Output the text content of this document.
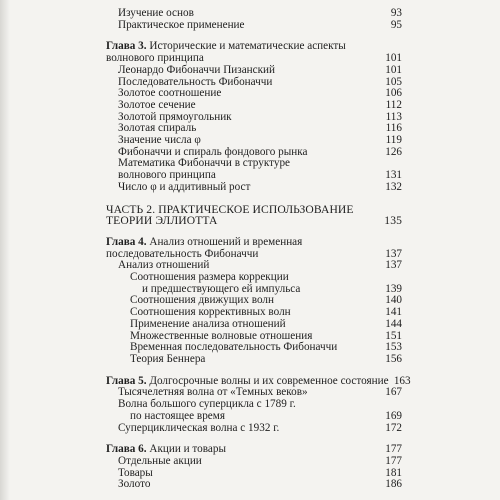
Изучение основ	93
Практическое применение	95
Глава 3. Исторические и математические аспекты
волнового принципа	101
Леонардо Фибоначчи Пизанский	101
Последовательность Фибоначчи	105
Золотое соотношение	106
Золотое сечение	112
Золотой прямоугольник	113
Золотая спираль	116
Значение числа φ	119
Фибоначчи и спираль фондового рынка	126
Математика Фибоначчи в структуре
волнового принципа	131
Число φ и аддитивный рост	132
ЧАСТЬ 2. ПРАКТИЧЕСКОЕ ИСПОЛЬЗОВАНИЕ
ТЕОРИИ ЭЛЛИОТТА	135
Глава 4. Анализ отношений и временная
последовательность Фибоначчи	137
Анализ отношений	137
Соотношения размера коррекции
и предшествующего ей импульса	139
Соотношения движущих волн	140
Соотношения коррективных волн	141
Применение анализа отношений	144
Множественные волновые отношения	151
Временная последовательность Фибоначчи	153
Теория Беннера	156
Глава 5. Долгосрочные волны и их современное состояние 163
Тысячелетняя волна от «Темных веков»	167
Волна большого суперцикла с 1789 г.
по настоящее время	169
Суперциклическая волна с 1932 г.	172
Глава 6. Акции и товары	177
Отдельные акции	177
Товары	181
Золото	186
